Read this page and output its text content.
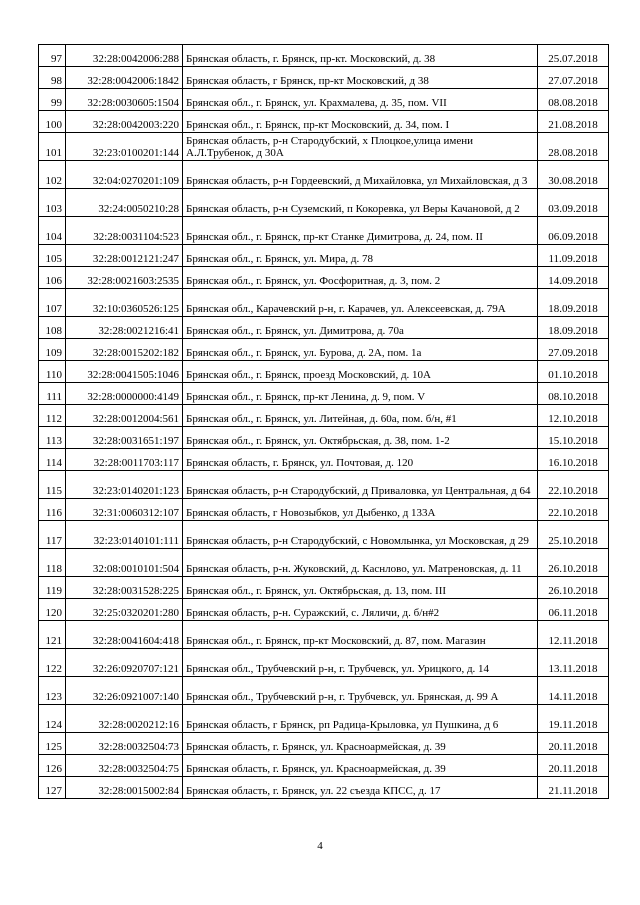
97	32:28:0042006:288	Брянская область, г. Брянск, пр-кт. Московский, д. 38	25.07.2018
98	32:28:0042006:1842	Брянская область, г Брянск, пр-кт Московский, д 38	27.07.2018
99	32:28:0030605:1504	Брянская обл., г. Брянск, ул. Крахмалева, д. 35, пом. VII	08.08.2018
100	32:28:0042003:220	Брянская обл., г. Брянск, пр-кт Московский, д. 34, пом. I	21.08.2018
101	32:23:0100201:144	Брянская область, р-н Стародубский, х Плоцкое,улица имени А.Л.Трубенок, д 30А	28.08.2018
102	32:04:0270201:109	Брянская область, р-н Гордеевский, д Михайловка, ул Михайловская, д 3	30.08.2018
103	32:24:0050210:28	Брянская область, р-н Суземский, п Кокоревка, ул Веры Качановой, д 2	03.09.2018
104	32:28:0031104:523	Брянская обл., г. Брянск, пр-кт Станке Димитрова, д. 24, пом. II	06.09.2018
105	32:28:0012121:247	Брянская обл., г. Брянск, ул. Мира, д. 78	11.09.2018
106	32:28:0021603:2535	Брянская обл., г. Брянск, ул. Фосфоритная, д. 3, пом. 2	14.09.2018
107	32:10:0360526:125	Брянская обл., Карачевский р-н, г. Карачев, ул. Алексеевская, д. 79А	18.09.2018
108	32:28:0021216:41	Брянская обл., г. Брянск, ул. Димитрова, д. 70а	18.09.2018
109	32:28:0015202:182	Брянская обл., г. Брянск, ул. Бурова, д. 2А, пом. 1а	27.09.2018
110	32:28:0041505:1046	Брянская обл., г. Брянск, проезд Московский, д. 10А	01.10.2018
111	32:28:0000000:4149	Брянская обл., г. Брянск, пр-кт Ленина, д. 9, пом. V	08.10.2018
112	32:28:0012004:561	Брянская обл., г. Брянск, ул. Литейная, д. 60а, пом. б/н, #1	12.10.2018
113	32:28:0031651:197	Брянская обл., г. Брянск, ул. Октябрьская, д. 38, пом. 1-2	15.10.2018
114	32:28:0011703:117	Брянская область, г. Брянск, ул. Почтовая, д. 120	16.10.2018
115	32:23:0140201:123	Брянская область, р-н Стародубский, д Приваловка, ул Центральная, д 64	22.10.2018
116	32:31:0060312:107	Брянская область, г Новозыбков, ул Дыбенко, д 133А	22.10.2018
117	32:23:0140101:111	Брянская область, р-н Стародубский, с Новомлынка, ул Московская, д 29	25.10.2018
118	32:08:0010101:504	Брянская область, р-н. Жуковский, д. Каснлово, ул. Матреновская, д. 11	26.10.2018
119	32:28:0031528:225	Брянская обл., г. Брянск, ул. Октябрьская, д. 13, пом. III	26.10.2018
120	32:25:0320201:280	Брянская область, р-н. Суражский, с. Ляличи, д. б/н#2	06.11.2018
121	32:28:0041604:418	Брянская обл., г. Брянск, пр-кт Московский, д. 87, пом. Магазин	12.11.2018
122	32:26:0920707:121	Брянская обл., Трубчевский р-н, г. Трубчевск, ул. Урицкого, д. 14	13.11.2018
123	32:26:0921007:140	Брянская обл., Трубчевский р-н, г. Трубчевск, ул. Брянская, д. 99 А	14.11.2018
124	32:28:0020212:16	Брянская область, г Брянск, рп Радица-Крыловка, ул Пушкина, д 6	19.11.2018
125	32:28:0032504:73	Брянская область, г. Брянск, ул. Красноармейская, д. 39	20.11.2018
126	32:28:0032504:75	Брянская область, г. Брянск, ул. Красноармейская, д. 39	20.11.2018
127	32:28:0015002:84	Брянская область, г. Брянск, ул. 22 съезда КПСС, д. 17	21.11.2018
4
